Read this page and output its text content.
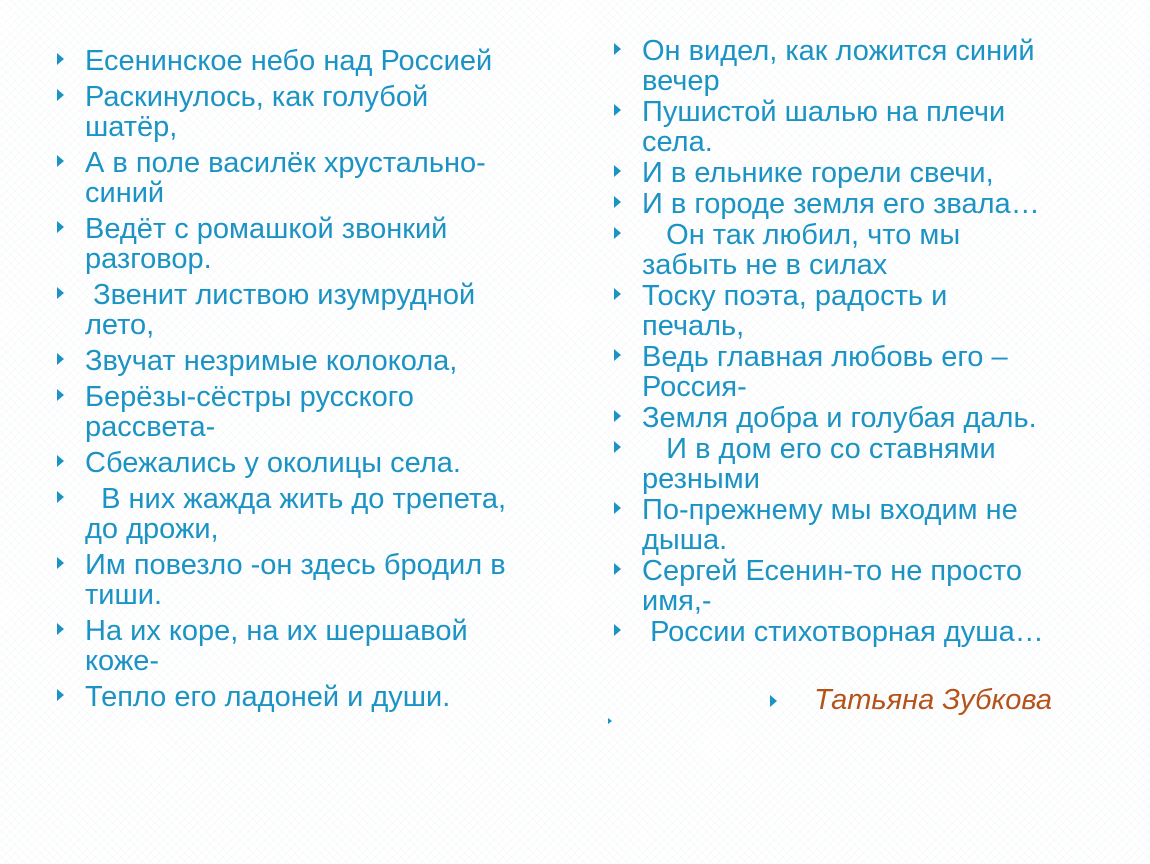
Есенинское небо над Россией
Раскинулось, как голубой
шатёр,
А в поле василёк хрустально-
синий
Ведёт с ромашкой звонкий
разговор.
Звенит листвою изумрудной
лето,
Звучат незримые колокола,
Берёзы-сёстры русского
рассвета-
Сбежались у околицы села.
В них жажда жить до трепета,
до дрожи,
Им повезло -он здесь бродил в
тиши.
На их коре, на их шершавой
коже-
Тепло его ладоней и души.
Он видел, как ложится синий
вечер
Пушистой шалью на плечи
села.
И в ельнике горели свечи,
И в городе земля его звала…
Он так любил, что мы
забыть не в силах
Тоску поэта, радость и
печаль,
Ведь главная любовь его –
Россия-
Земля добра и голубая даль.
И в дом его со ставнями
резными
По-прежнему мы входим не
дыша.
Сергей Есенин-то не просто
имя,-
России стихотворная душа…
Татьяна Зубкова
